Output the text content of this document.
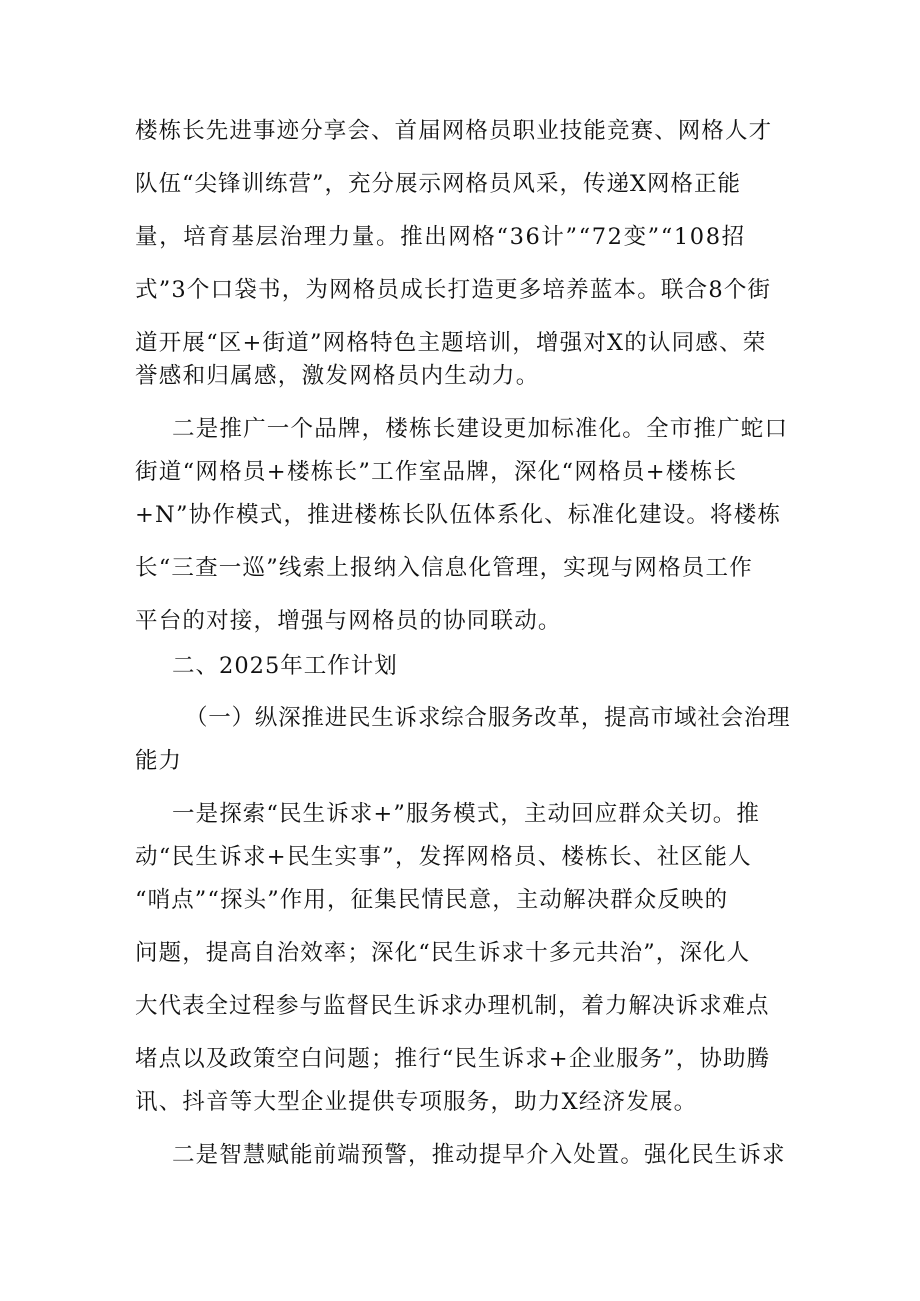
楼栋长先进事迹分享会、首届网格员职业技能竞赛、网格人才
队伍“尖锋训练营”，充分展示网格员风采，传递X网格正能
量，培育基层治理力量。推出网格“36计”“72变”“108招
式”3个口袋书，为网格员成长打造更多培养蓝本。联合8个街
道开展“区+街道”网格特色主题培训，增强对X的认同感、荣
誉感和归属感，激发网格员内生动力。
二是推广一个品牌，楼栋长建设更加标准化。全市推广蛇口
街道“网格员+楼栋长”工作室品牌，深化“网格员+楼栋长
+N”协作模式，推进楼栋长队伍体系化、标准化建设。将楼栋
长“三查一巡”线索上报纳入信息化管理，实现与网格员工作
平台的对接，增强与网格员的协同联动。
二、2025年工作计划
（一）纵深推进民生诉求综合服务改革，提高市域社会治理
能力
一是探索“民生诉求+”服务模式，主动回应群众关切。推
动“民生诉求+民生实事”，发挥网格员、楼栋长、社区能人
“哨点”“探头”作用，征集民情民意，主动解决群众反映的
问题，提高自治效率；深化“民生诉求十多元共治”，深化人
大代表全过程参与监督民生诉求办理机制，着力解决诉求难点
堵点以及政策空白问题；推行“民生诉求+企业服务”，协助腾
讯、抖音等大型企业提供专项服务，助力X经济发展。
二是智慧赋能前端预警，推动提早介入处置。强化民生诉求
